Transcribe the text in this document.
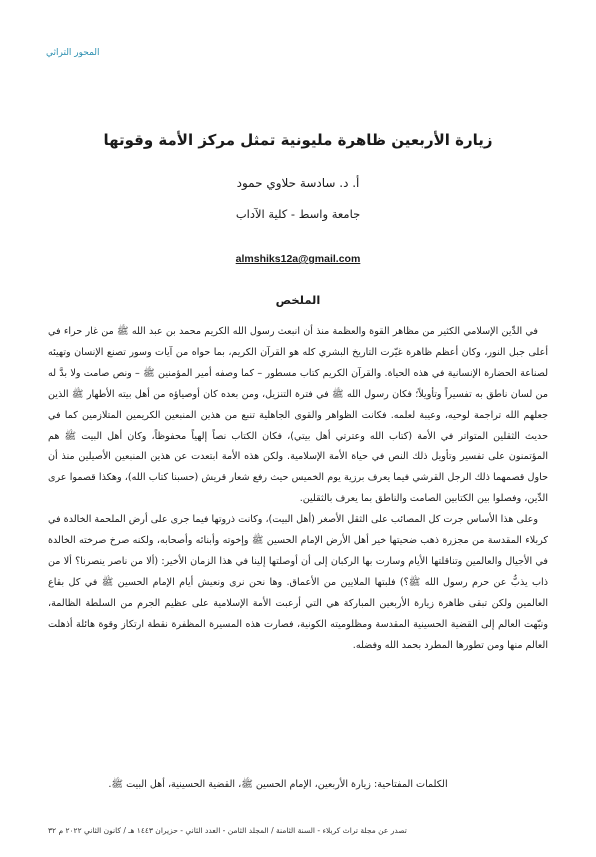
المحور التراثي
زيارة الأربعين ظاهرة مليونية تمثل مركز الأمة وقوتها
أ. د. سادسة حلاوي حمود
جامعة واسط - كلية الآداب
almshiks12a@gmail.com
الملخص

في الدِّين الإسلامي الكثير من مظاهر القوة والعظمة منذ أن انبعث رسول الله الكريم محمد بن عبد الله ﷺ من غار حراء في أعلى جبل النور، وكان أعظم ظاهرة غيّرت التاريخ البشري كله هو القرآن الكريم، بما حواه من آيات وسور تصنع الإنسان وتهيئه لصناعة الحضارة الإنسانية في هذه الحياة. والقرآن الكريم كتاب مسطور – كما وصفه أمير المؤمنين ﷺ – ونص صامت ولا بدَّ له من لسان ناطق به تفسيراً وتأويلاً؛ فكان رسول الله ﷺ في فترة التنزيل، ومن بعده كان أوصياؤه من أهل بيته الأطهار ﷺ الذين جعلهم الله تراجمة لوحيه، وعيبة لعلمه. فكانت الظواهر والقوى الجاهلية تنبع من هذين المنبعين الكريمين المتلازمين كما في حديث الثقلين المتواتر في الأمة (كتاب الله وعترتي أهل بيتي)، فكان الكتاب نصاً إلهياً محفوظاً، وكان أهل البيت ﷺ هم المؤتمنون على تفسير وتأويل ذلك النص في حياة الأمة الإسلامية. ولكن هذه الأمة ابتعدت عن هذين المنبعين الأصيلين منذ أن حاول قصمهما ذلك الرجل القرشي فيما يعرف برزية يوم الخميس حيث رفع شعار قريش (حسبنا كتاب الله)، وهكذا قصموا عرى الدِّين، وفصلوا بين الكتابين الصامت والناطق بما يعرف بالثقلين.

وعلى هذا الأساس جرت كل المصائب على الثقل الأصغر (أهل البيت)، وكانت ذروتها فيما جرى على أرض الملحمة الخالدة في كربلاء المقدسة من مجزرة ذهب ضحيتها خير أهل الأرض الإمام الحسين ﷺ وإخوته وأبنائه وأصحابه، ولكنه صرخ صرخته الخالدة في الأجيال والعالمين وتناقلتها الأيام وسارت بها الركبان إلى أن أوصلتها إلينا في هذا الزمان الأخير: (ألا من ناصر ينصرنا؟ ألا من ذاب يذبُّ عن حرم رسول الله ﷺ؟) فلبتها الملايين من الأعماق. وها نحن نرى ونعيش أيام الإمام الحسين ﷺ في كل بقاع العالمين ولكن تبقى ظاهرة زيارة الأربعين المباركة هي التي أرعبت الأمة الإسلامية على عظيم الجرم من السلطة الظالمة، ونبّهت العالم إلى القضية الحسينية المقدسة ومظلوميته الكونية، فصارت هذه المسيرة المظفرة نقطة ارتكاز وقوة هائلة أذهلت العالم منها ومن تطورها المطرد بحمد الله وفضله.

الكلمات المفتاحية: زيارة الأربعين، الإمام الحسين ﷺ، القضية الحسينية، أهل البيت ﷺ.
تصدر عن مجلة تراث كربلاء - السنة الثامنة / المجلد الثامن - العدد الثاني - حزيران ١٤٤٣ هـ / كانون الثاني ٢٠٢٢ م ٣٢
